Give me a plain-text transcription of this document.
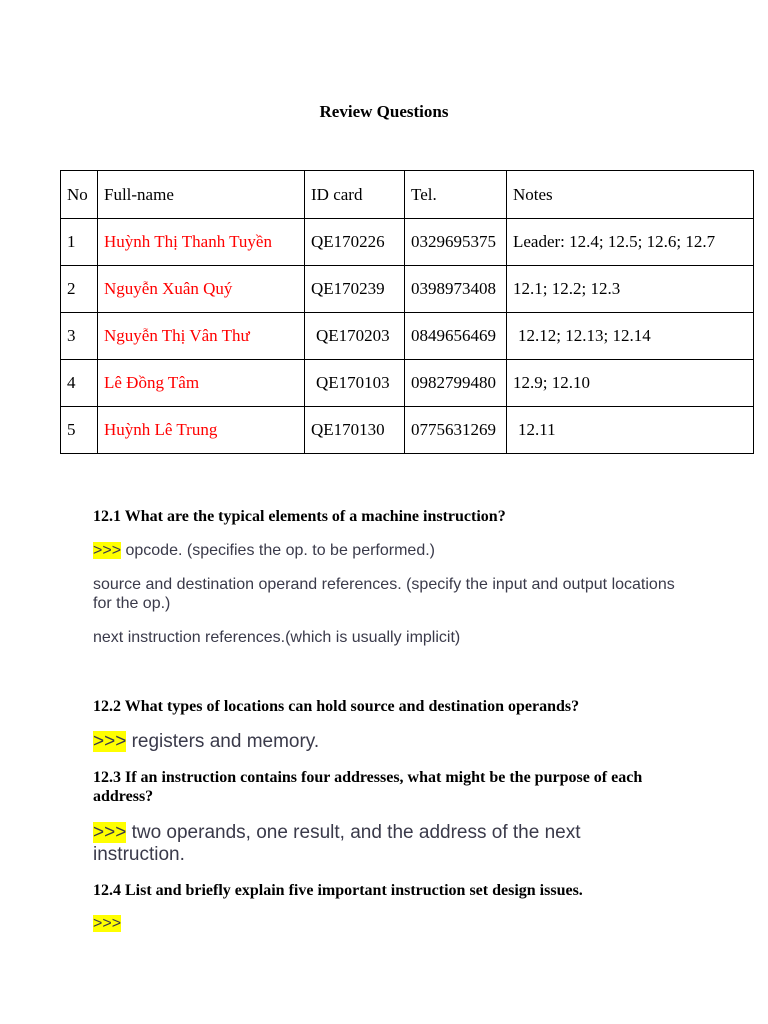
Review Questions
No	Full-name	ID card	Tel.	Notes
1	Huỳnh Thị Thanh Tuyền	QE170226	0329695375	Leader: 12.4; 12.5; 12.6; 12.7
2	Nguyễn Xuân Quý	QE170239	0398973408	12.1; 12.2; 12.3
3	Nguyễn Thị Vân Thư	QE170203	0849656469	12.12; 12.13; 12.14
4	Lê Đồng Tâm	QE170103	0982799480	12.9; 12.10
5	Huỳnh Lê Trung	QE170130	0775631269	12.11
12.1 What are the typical elements of a machine instruction?
>>> opcode. (specifies the op. to be performed.)
source and destination operand references. (specify the input and output locations for the op.)
next instruction references.(which is usually implicit)
12.2 What types of locations can hold source and destination operands?
>>> registers and memory.
12.3 If an instruction contains four addresses, what might be the purpose of each address?
>>> two operands, one result, and the address of the next instruction.
12.4 List and briefly explain five important instruction set design issues.
>>>
